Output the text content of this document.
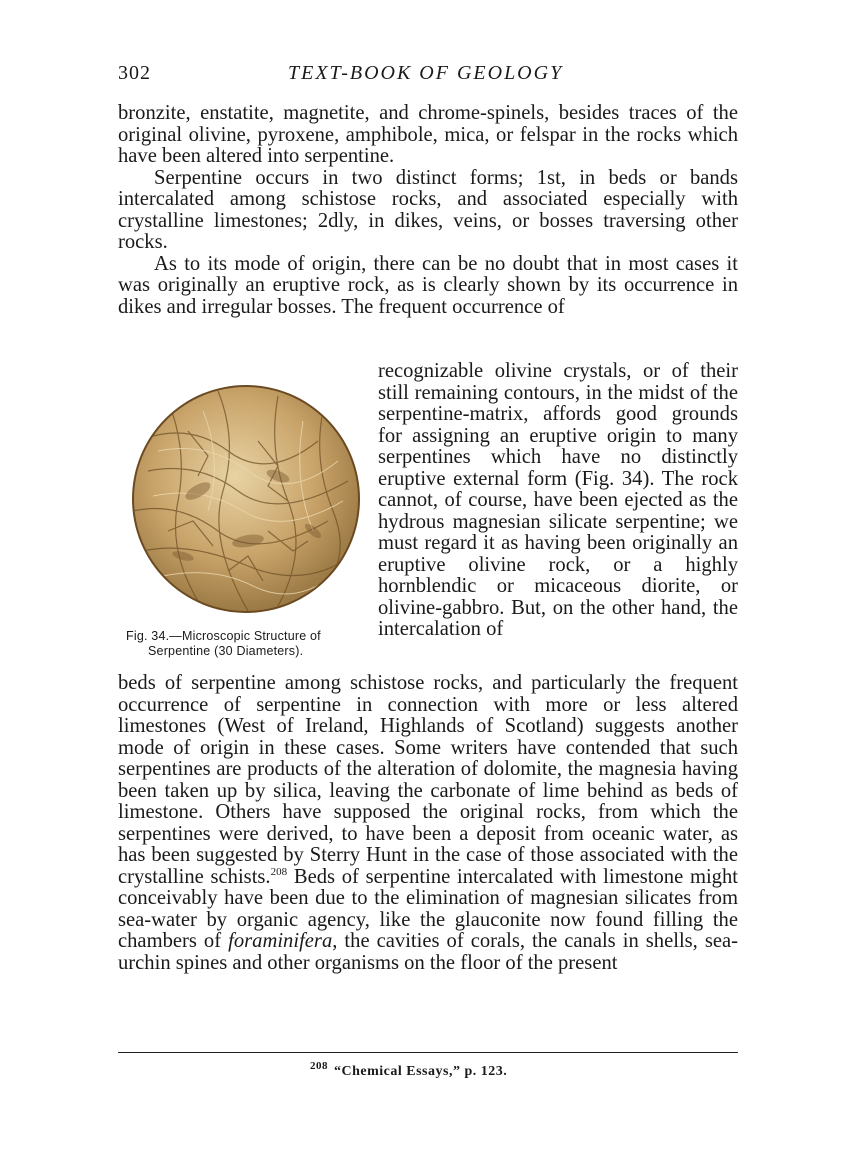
302	TEXT-BOOK OF GEOLOGY

bronzite, enstatite, magnetite, and chrome-spinels, besides traces of the original olivine, pyroxene, amphibole, mica, or felspar in the rocks which have been altered into serpentine.

Serpentine occurs in two distinct forms; 1st, in beds or bands intercalated among schistose rocks, and associated especially with crystalline limestones; 2dly, in dikes, veins, or bosses traversing other rocks.

As to its mode of origin, there can be no doubt that in most cases it was originally an eruptive rock, as is clearly shown by its occurrence in dikes and irregular bosses. The frequent occurrence of

Fig. 34.—Microscopic Structure of
Serpentine (30 Diameters).

recognizable olivine crystals, or of their still remaining contours, in the midst of the serpentine-matrix, affords good grounds for assigning an eruptive origin to many serpentines which have no distinctly eruptive external form (Fig. 34). The rock cannot, of course, have been ejected as the hydrous magnesian silicate serpentine; we must regard it as having been originally an eruptive olivine rock, or a highly hornblendic or micaceous diorite, or olivine-gabbro. But, on the other hand, the intercalation of

beds of serpentine among schistose rocks, and particularly the frequent occurrence of serpentine in connection with more or less altered limestones (West of Ireland, Highlands of Scotland) suggests another mode of origin in these cases. Some writers have contended that such serpentines are products of the alteration of dolomite, the magnesia having been taken up by silica, leaving the carbonate of lime behind as beds of limestone. Others have supposed the original rocks, from which the serpentines were derived, to have been a deposit from oceanic water, as has been suggested by Sterry Hunt in the case of those associated with the crystalline schists.$^{208}$ Beds of serpentine intercalated with limestone might conceivably have been due to the elimination of magnesian silicates from sea-water by organic agency, like the glauconite now found filling the chambers of foraminifera, the cavities of corals, the canals in shells, sea-urchin spines and other organisms on the floor of the present

$^{208}$ “Chemical Essays,” p. 123.
